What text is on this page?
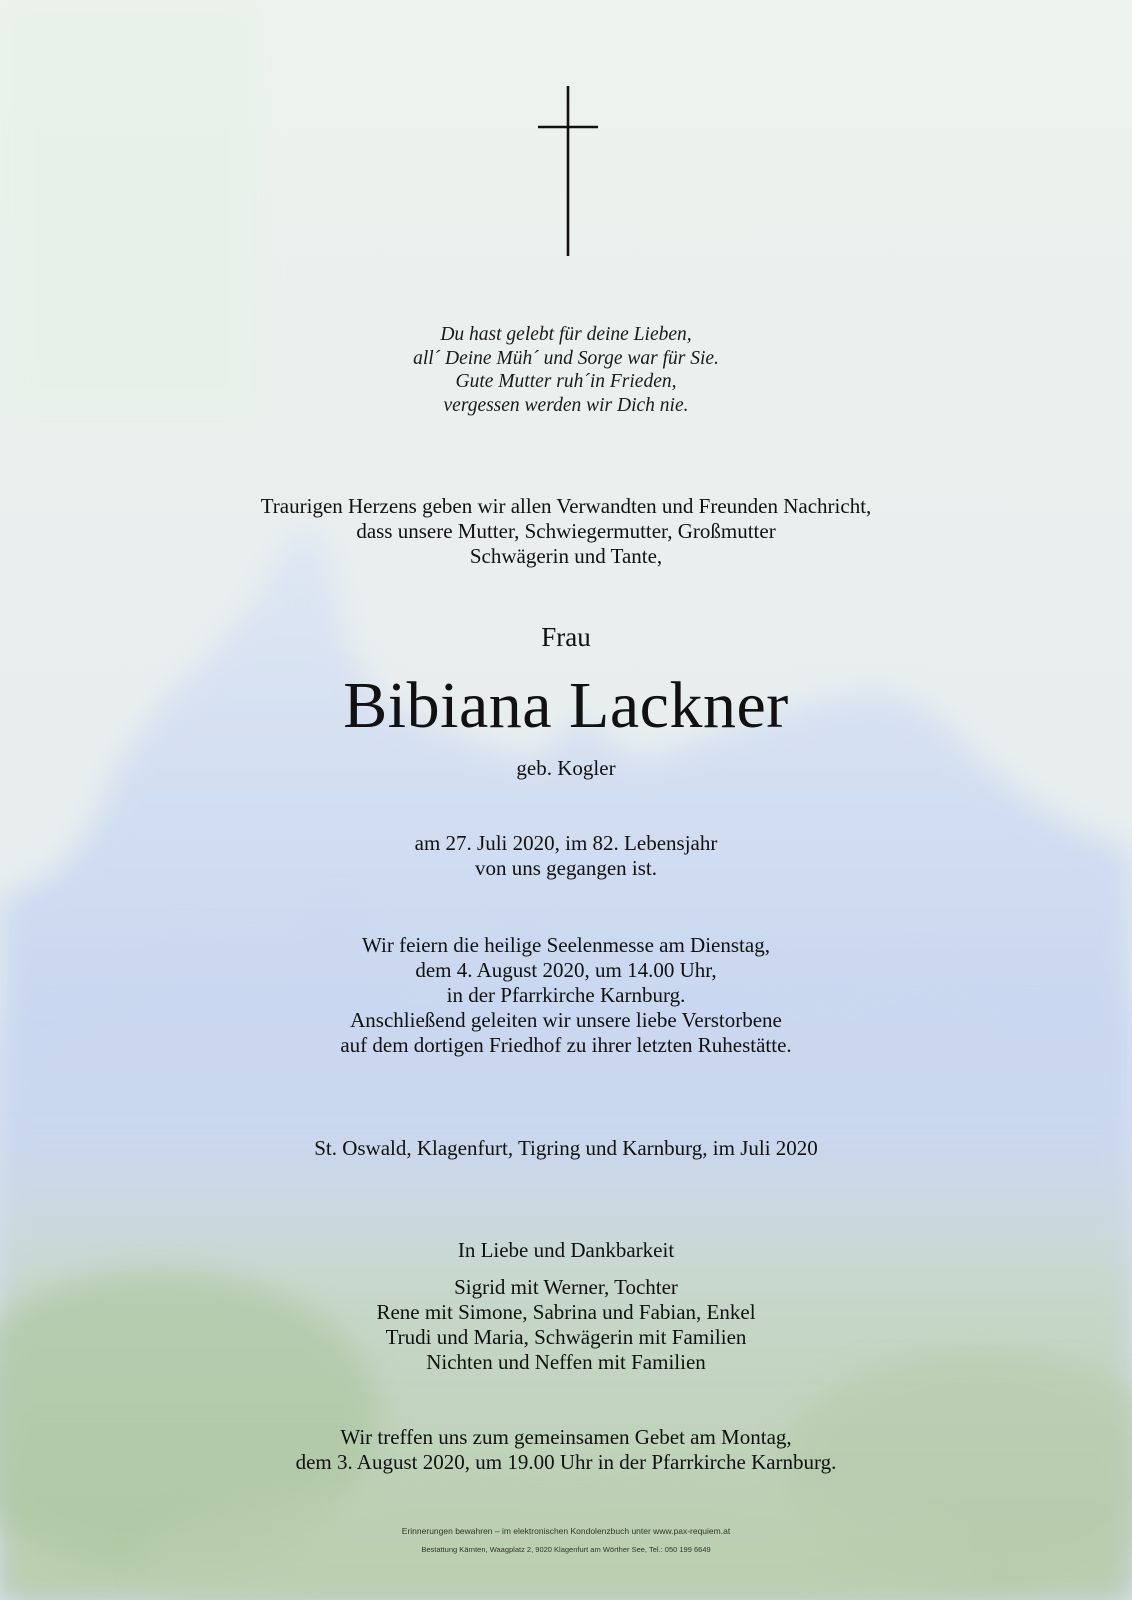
Du hast gelebt für deine Lieben,
all´ Deine Müh´ und Sorge war für Sie.
Gute Mutter ruh´in Frieden,
vergessen werden wir Dich nie.
Traurigen Herzens geben wir allen Verwandten und Freunden Nachricht,
dass unsere Mutter, Schwiegermutter, Großmutter
Schwägerin und Tante,
Frau
Bibiana Lackner
geb. Kogler
am 27. Juli 2020, im 82. Lebensjahr
von uns gegangen ist.
Wir feiern die heilige Seelenmesse am Dienstag,
dem 4. August 2020, um 14.00 Uhr,
in der Pfarrkirche Karnburg.
Anschließend geleiten wir unsere liebe Verstorbene
auf dem dortigen Friedhof zu ihrer letzten Ruhestätte.
St. Oswald, Klagenfurt, Tigring und Karnburg, im Juli 2020
In Liebe und Dankbarkeit
Sigrid mit Werner, Tochter
Rene mit Simone, Sabrina und Fabian, Enkel
Trudi und Maria, Schwägerin mit Familien
Nichten und Neffen mit Familien
Wir treffen uns zum gemeinsamen Gebet am Montag,
dem 3. August 2020, um 19.00 Uhr in der Pfarrkirche Karnburg.
Erinnerungen bewahren – im elektronischen Kondolenzbuch unter www.pax-requiem.at
Bestattung Kärnten, Waagplatz 2, 9020 Klagenfurt am Wörther See, Tel.: 050 199 6649
